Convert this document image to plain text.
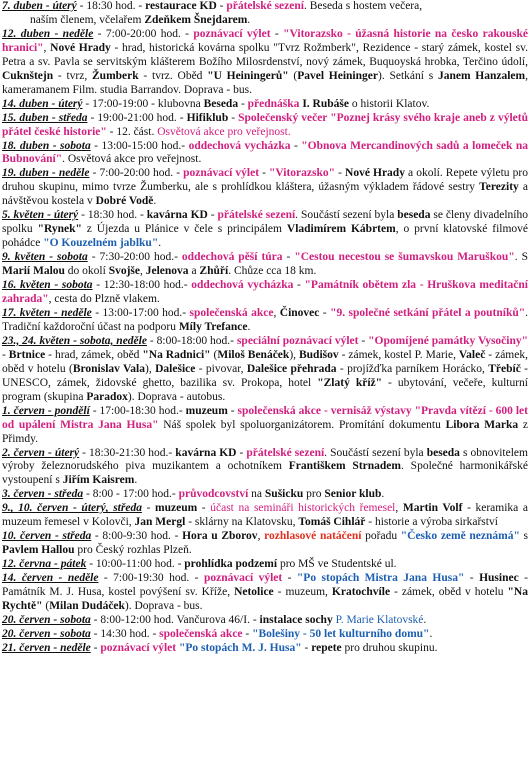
7. duben - úterý - 18:30 hod. - restaurace KD - přátelské sezení. Beseda s hostem večera,
naším členem, včelařem Zdeňkem Šnejdarem.

12. duben - neděle - 7:00-20:00 hod. - poznávací výlet - "Vitorazsko - úžasná historie na česko rakouské hranici", Nové Hrady - hrad, historická kovárna spolku "Tvrz Rožmberk", Rezidence - starý zámek, kostel sv. Petra a sv. Pavla se servitským klášterem Božího Milosrdenství, nový zámek, Buquoyská hrobka, Terčino údolí, Cuknštejn - tvrz, Žumberk - tvrz. Oběd "U Heiningerů" (Pavel Heininger). Setkání s Janem Hanzalem, kameramanem Film. studia Barrandov. Doprava - bus.

14. duben - úterý - 17:00-19:00 - klubovna Beseda - přednáška I. Rubáše o historii Klatov.

15. duben - středa - 19:00-21:00 hod. - Hifiklub - Společenský večer "Poznej krásy svého kraje aneb z výletů přátel české historie" - 12. část. Osvětová akce pro veřejnost.

18. duben - sobota - 13:00-15:00 hod.- oddechová vycházka - "Obnova Mercandinových sadů a lomeček na Bubnování". Osvětová akce pro veřejnost.

19. duben - neděle - 7:00-20:00 hod. - poznávací výlet - "Vitorazsko" - Nové Hrady a okolí. Repete výletu pro druhou skupinu, mimo tvrze Žumberku, ale s prohlídkou kláštera, úžasným výkladem řádové sestry Terezity a návštěvou kostela v Dobré Vodě.

5. květen - úterý - 18:30 hod. - kavárna KD - přátelské sezení. Součástí sezení byla beseda se členy divadelního spolku "Rynek" z Újezda u Plánice v čele s principálem Vladimírem Kábrtem, o první klatovské filmové pohádce "O Kouzelném jablku".

9. květen - sobota - 7:30-20:00 hod.- oddechová pěší túra - "Cestou necestou se šumavskou Maruškou". S Marií Malou do okolí Svojše, Jelenova a Zhůří. Chůze cca 18 km.

16. květen - sobota - 12:30-18:00 hod.- oddechová vycházka - "Památník obětem zla - Hruškova meditační zahrada", cesta do Plzně vlakem.

17. květen - neděle - 13:00-17:00 hod.- společenská akce, Činovec - "9. společné setkání přátel a poutníků". Tradiční každoroční účast na podporu Míly Trefance.

23., 24. květen - sobota, neděle - 8:00-18:00 hod.- speciální poznávací výlet - "Opomíjené památky Vysočiny" - Brtnice - hrad, zámek, oběd "Na Radnici" (Miloš Benáček), Budišov - zámek, kostel P. Marie, Valeč - zámek, oběd v hotelu (Bronislav Vala), Dalešice - pivovar, Dalešice přehrada - projížďka parníkem Horácko, Třebíč - UNESCO, zámek, židovské ghetto, bazilika sv. Prokopa, hotel "Zlatý kříž" - ubytování, večeře, kulturní program (skupina Paradox). Doprava - autobus.

1. červen - pondělí - 17:00-18:30 hod.- muzeum - společenská akce - vernisáž výstavy "Pravda vítězí - 600 let od upálení Mistra Jana Husa" Náš spolek byl spoluorganizátorem. Promítání dokumentu Libora Marka z Přimdy.

2. červen - úterý - 18:30-21:30 hod.- kavárna KD - přátelské sezení. Součástí sezení byla beseda s obnovitelem výroby železnorudského piva muzikantem a ochotníkem Františkem Strnadem. Společné harmonikářské vystoupení s Jiřím Kaisrem.

3. červen - středa - 8:00 - 17:00 hod.- průvodcovství na Sušicku pro Senior klub.

9., 10. červen - úterý, středa - muzeum - účast na semináři historických řemesel, Martin Volf - keramika a muzeum řemesel v Kolovči, Jan Mergl - sklárny na Klatovsku, Tomáš Cihlář - historie a výroba sirkařství

10. červen - středa - 8:00-9:30 hod. - Hora u Zborov, rozhlasové natáčení pořadu "Česko země neznámá" s Pavlem Hallou pro Český rozhlas Plzeň.

12. června - pátek - 10:00-11:00 hod. - prohlídka podzemí pro MŠ ve Studentské ul.

14. červen - neděle - 7:00-19:30 hod. - poznávací výlet - "Po stopách Mistra Jana Husa" - Husinec - Památník M. J. Husa, kostel povýšení sv. Kříže, Netolice - muzeum, Kratochvíle - zámek, oběd v hotelu "Na Rychtě" (Milan Dudáček). Doprava - bus.

20. červen - sobota - 8:00-12:00 hod. Vančurova 46/I. - instalace sochy P. Marie Klatovské.

20. červen - sobota - 14:30 hod. - společenská akce - "Bolešiny - 50 let kulturního domu".

21. červen - neděle - poznávací výlet "Po stopách M. J. Husa" - repete pro druhou skupinu.
